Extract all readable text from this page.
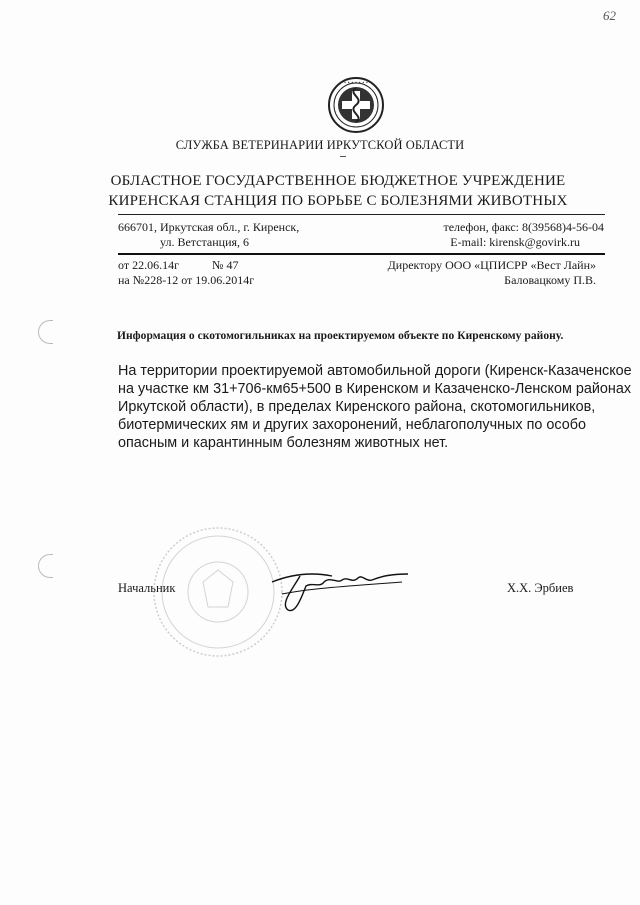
62
• • • • • • •
СЛУЖБА ВЕТЕРИНАРИИ ИРКУТСКОЙ ОБЛАСТИ
ОБЛАСТНОЕ ГОСУДАРСТВЕННОЕ БЮДЖЕТНОЕ УЧРЕЖДЕНИЕ
КИРЕНСКАЯ СТАНЦИЯ ПО БОРЬБЕ С БОЛЕЗНЯМИ ЖИВОТНЫХ
666701, Иркутская обл., г. Киренск,
ул. Ветстанция, 6
телефон, факс: 8(39568)4-56-04
E-mail: kirensk@govirk.ru
от 22.06.14г	№ 47
на №228-12 от 19.06.2014г
Директору ООО «ЦПИСРР «Вест Лайн»
Баловацкому П.В.
Информация о скотомогильниках на проектируемом объекте по Киренскому району.
На территории проектируемой автомобильной дороги (Киренск-Казаченское
на участке км 31+706-км65+500 в Киренском и Казаченско-Ленском районах
Иркутской области), в пределах Киренского района, скотомогильников,
биотермических ям и других захоронений, неблагополучных по особо
опасным и карантинным болезням животных нет.
Начальник	Х.Х. Эрбиев
